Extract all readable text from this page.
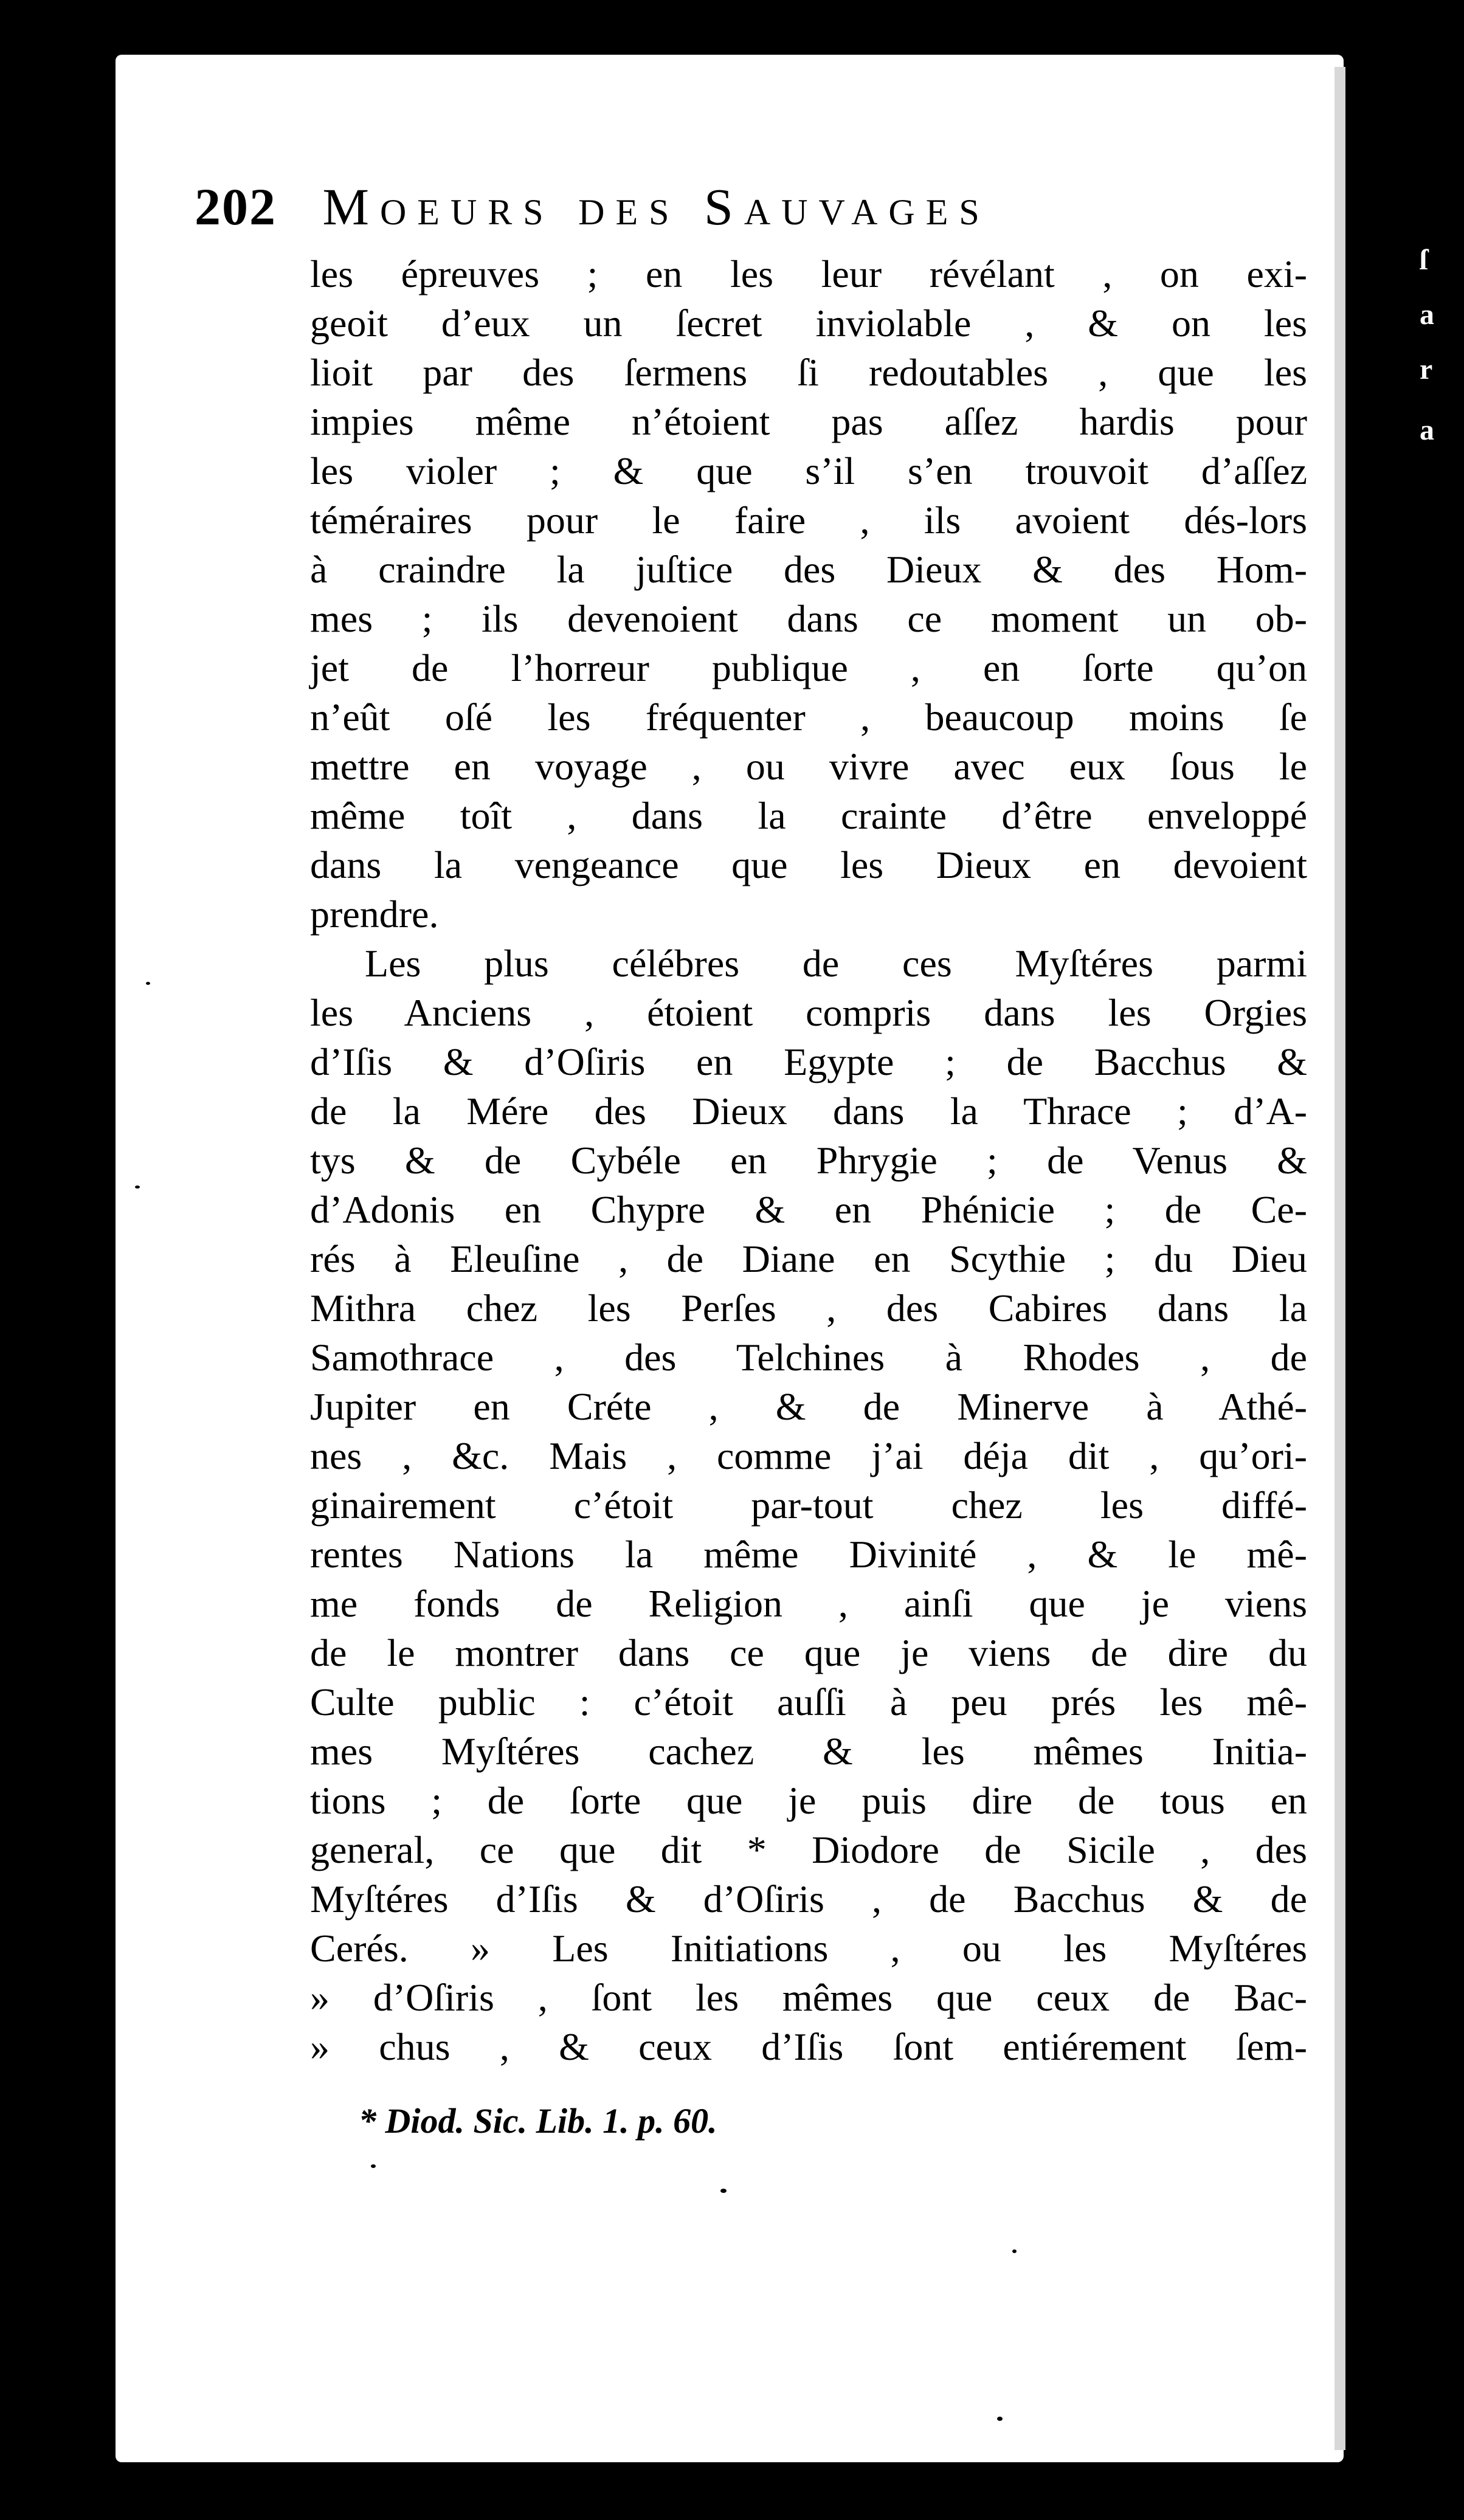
ſ
a
r
a
202 Moeurs des Sauvages
les épreuves ; en les leur révélant , on exi-
geoit d’eux un ſecret inviolable , & on les
lioit par des ſermens ſi redoutables , que les
impies même n’étoient pas aſſez hardis pour
les violer ; & que s’il s’en trouvoit d’aſſez
téméraires pour le faire , ils avoient dés-lors
à craindre la juſtice des Dieux & des Hom-
mes ; ils devenoient dans ce moment un ob-
jet de l’horreur publique , en ſorte qu’on
n’eût oſé les fréquenter , beaucoup moins ſe
mettre en voyage , ou vivre avec eux ſous le
même toît , dans la crainte d’être enveloppé
dans la vengeance que les Dieux en devoient
prendre.
Les plus célébres de ces Myſtéres parmi
les Anciens , étoient compris dans les Orgies
d’Iſis & d’Oſiris en Egypte ; de Bacchus &
de la Mére des Dieux dans la Thrace ; d’A-
tys & de Cybéle en Phrygie ; de Venus &
d’Adonis en Chypre & en Phénicie ; de Ce-
rés à Eleuſine , de Diane en Scythie ; du Dieu
Mithra chez les Perſes , des Cabires dans la
Samothrace , des Telchines à Rhodes , de
Jupiter en Créte , & de Minerve à Athé-
nes , &c. Mais , comme j’ai déja dit , qu’ori-
ginairement c’étoit par-tout chez les diffé-
rentes Nations la même Divinité , & le mê-
me fonds de Religion , ainſi que je viens
de le montrer dans ce que je viens de dire du
Culte public : c’étoit auſſi à peu prés les mê-
mes Myſtéres cachez & les mêmes Initia-
tions ; de ſorte que je puis dire de tous en
general, ce que dit * Diodore de Sicile , des
Myſtéres d’Iſis & d’Oſiris , de Bacchus & de
Cerés. » Les Initiations , ou les Myſtéres
» d’Oſiris , ſont les mêmes que ceux de Bac-
» chus , & ceux d’Iſis ſont entiérement ſem-
* Diod. Sic. Lib. 1. p. 60.
